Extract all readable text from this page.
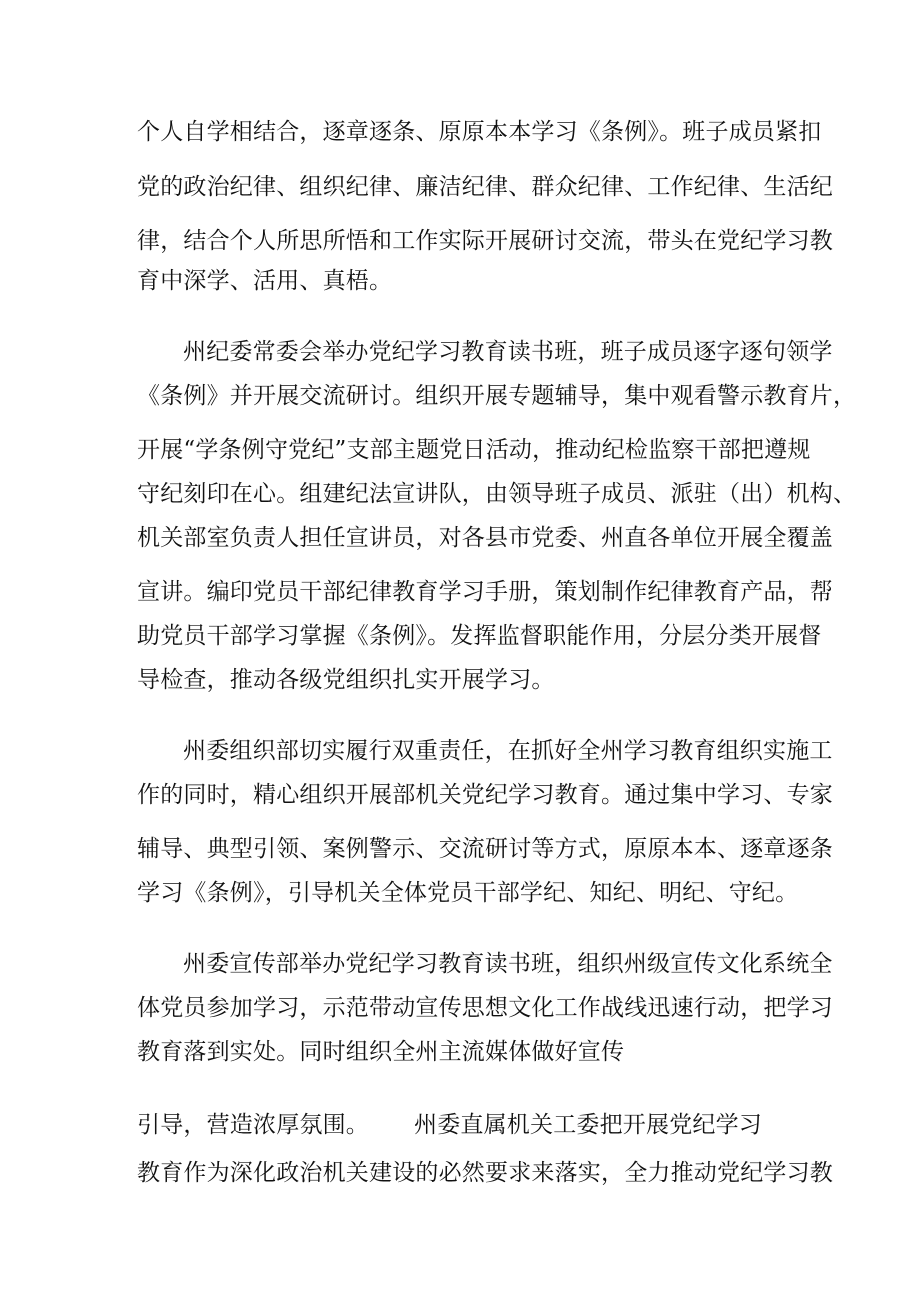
个人自学相结合，逐章逐条、原原本本学习《条例》。班子成员紧扣
党的政治纪律、组织纪律、廉洁纪律、群众纪律、工作纪律、生活纪
律，结合个人所思所悟和工作实际开展研讨交流，带头在党纪学习教
育中深学、活用、真梧。
州纪委常委会举办党纪学习教育读书班，班子成员逐字逐句领学
《条例》并开展交流研讨。组织开展专题辅导，集中观看警示教育片，
开展“学条例守党纪”支部主题党日活动，推动纪检监察干部把遵规
守纪刻印在心。组建纪法宣讲队，由领导班子成员、派驻（出）机构、
机关部室负责人担任宣讲员，对各县市党委、州直各单位开展全覆盖
宣讲。编印党员干部纪律教育学习手册，策划制作纪律教育产品，帮
助党员干部学习掌握《条例》。发挥监督职能作用，分层分类开展督
导检查，推动各级党组织扎实开展学习。
州委组织部切实履行双重责任，在抓好全州学习教育组织实施工
作的同时，精心组织开展部机关党纪学习教育。通过集中学习、专家
辅导、典型引领、案例警示、交流研讨等方式，原原本本、逐章逐条
学习《条例》，引导机关全体党员干部学纪、知纪、明纪、守纪。
州委宣传部举办党纪学习教育读书班，组织州级宣传文化系统全
体党员参加学习，示范带动宣传思想文化工作战线迅速行动，把学习
教育落到实处。同时组织全州主流媒体做好宣传
引导，营造浓厚氛围。 州委直属机关工委把开展党纪学习
教育作为深化政治机关建设的必然要求来落实，全力推动党纪学习教
